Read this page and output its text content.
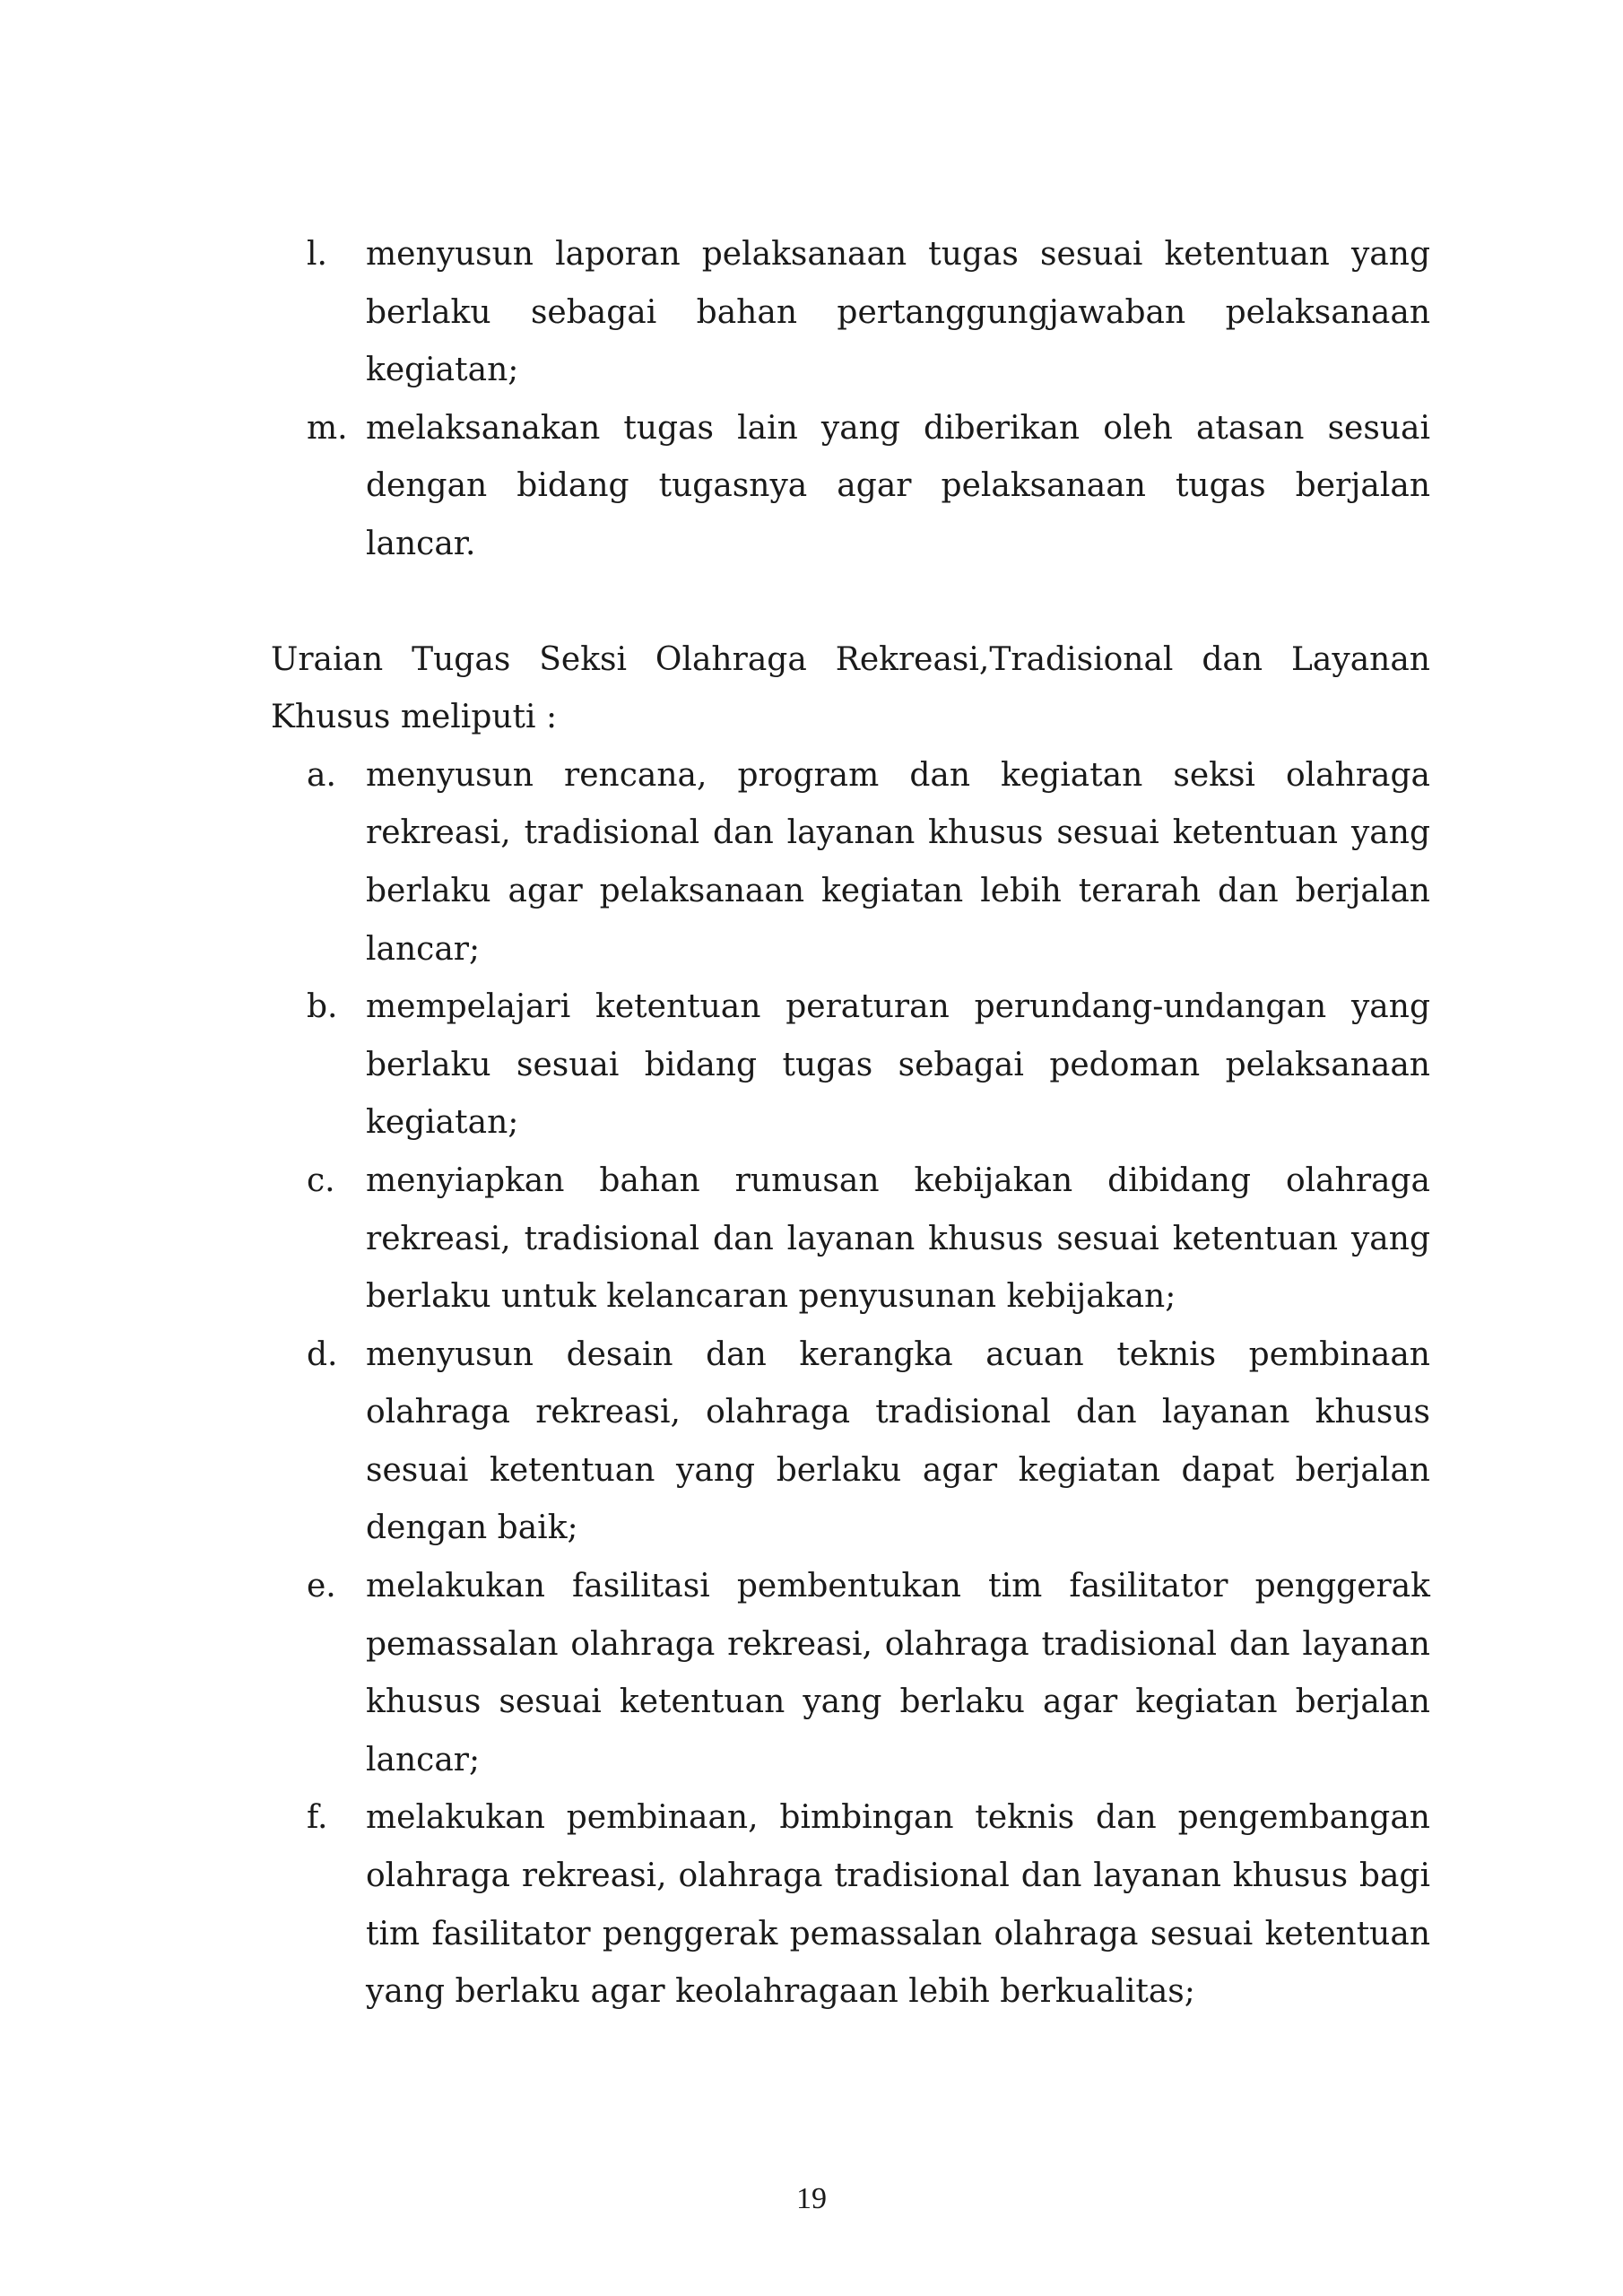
l. menyusun laporan pelaksanaan tugas sesuai ketentuan yang berlaku sebagai bahan pertanggungjawaban pelaksanaan kegiatan;
m. melaksanakan tugas lain yang diberikan oleh atasan sesuai dengan bidang tugasnya agar pelaksanaan tugas berjalan lancar.
Uraian Tugas Seksi Olahraga Rekreasi,Tradisional dan Layanan
Khusus meliputi :
a. menyusun rencana, program dan kegiatan seksi olahraga rekreasi, tradisional dan layanan khusus sesuai ketentuan yang berlaku agar pelaksanaan kegiatan lebih terarah dan berjalan lancar;
b. mempelajari ketentuan peraturan perundang-undangan yang berlaku sesuai bidang tugas sebagai pedoman pelaksanaan kegiatan;
c. menyiapkan bahan rumusan kebijakan dibidang olahraga rekreasi, tradisional dan layanan khusus sesuai ketentuan yang berlaku untuk kelancaran penyusunan kebijakan;
d. menyusun desain dan kerangka acuan teknis pembinaan olahraga rekreasi, olahraga tradisional dan layanan khusus sesuai ketentuan yang berlaku agar kegiatan dapat berjalan dengan baik;
e. melakukan fasilitasi pembentukan tim fasilitator penggerak pemassalan olahraga rekreasi, olahraga tradisional dan layanan khusus sesuai ketentuan yang berlaku agar kegiatan berjalan lancar;
f. melakukan pembinaan, bimbingan teknis dan pengembangan olahraga rekreasi, olahraga tradisional dan layanan khusus bagi tim fasilitator penggerak pemassalan olahraga sesuai ketentuan yang berlaku agar keolahragaan lebih berkualitas;
19
